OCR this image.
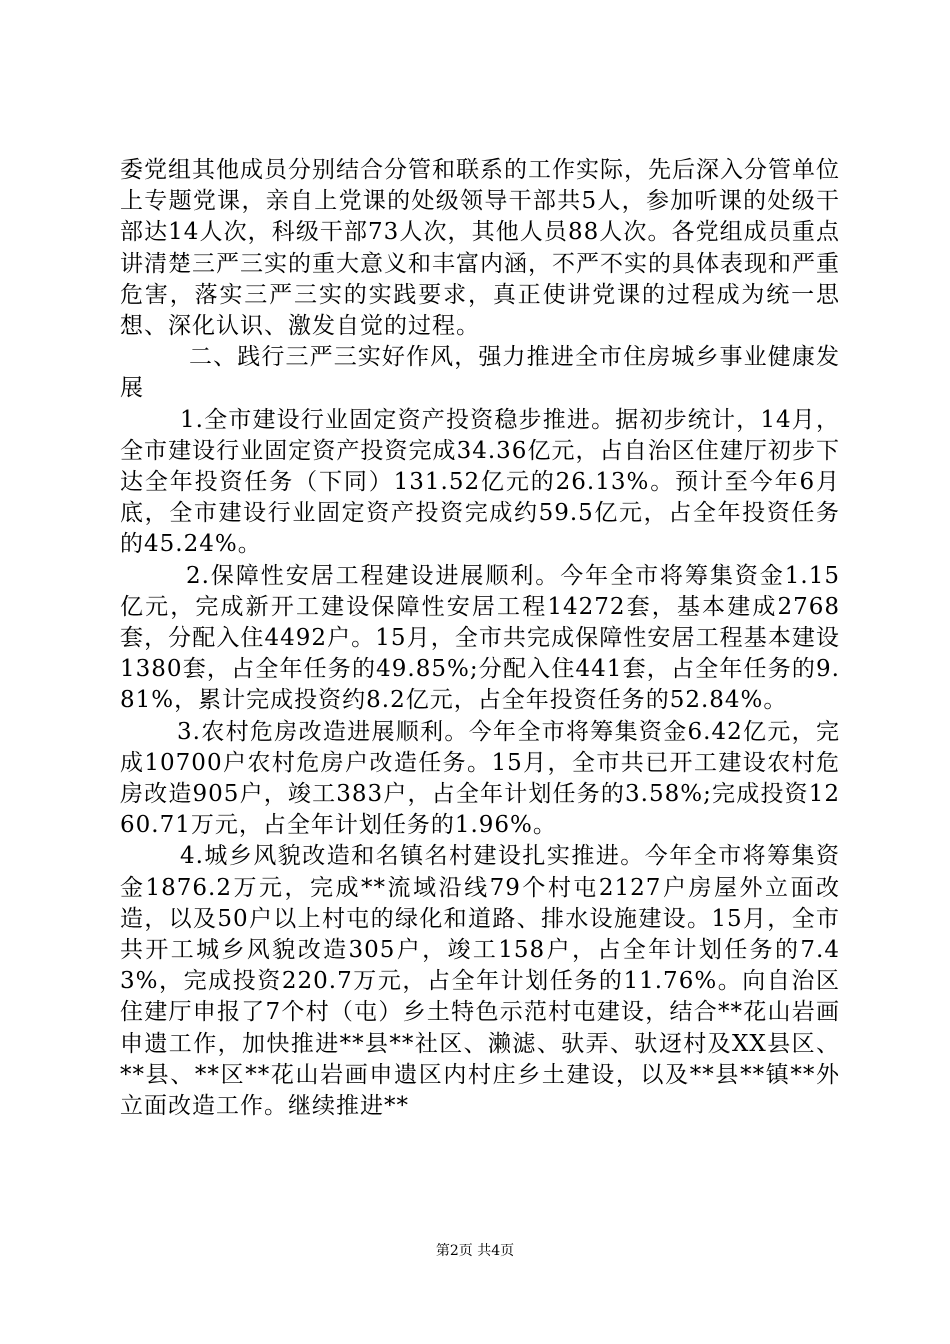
委党组其他成员分别结合分管和联系的工作实际，先后深入分管单位上专题党课，亲自上党课的处级领导干部共5人，参加听课的处级干部达14人次，科级干部73人次，其他人员88人次。各党组成员重点讲清楚三严三实的重大意义和丰富内涵，不严不实的具体表现和严重危害，落实三严三实的实践要求，真正使讲党课的过程成为统一思想、深化认识、激发自觉的过程。

二、践行三严三实好作风，强力推进全市住房城乡事业健康发展

1.全市建设行业固定资产投资稳步推进。据初步统计，14月，全市建设行业固定资产投资完成34.36亿元，占自治区住建厅初步下达全年投资任务（下同）131.52亿元的26.13%。预计至今年6月底，全市建设行业固定资产投资完成约59.5亿元，占全年投资任务的45.24%。

2.保障性安居工程建设进展顺利。今年全市将筹集资金1.15亿元，完成新开工建设保障性安居工程14272套，基本建成2768套，分配入住4492户。15月，全市共完成保障性安居工程基本建设1380套，占全年任务的49.85%;分配入住441套，占全年任务的9.81%，累计完成投资约8.2亿元，占全年投资任务的52.84%。

3.农村危房改造进展顺利。今年全市将筹集资金6.42亿元，完成10700户农村危房户改造任务。15月，全市共已开工建设农村危房改造905户，竣工383户，占全年计划任务的3.58%;完成投资1260.71万元，占全年计划任务的1.96%。

4.城乡风貌改造和名镇名村建设扎实推进。今年全市将筹集资金1876.2万元，完成**流域沿线79个村屯2127户房屋外立面改造，以及50户以上村屯的绿化和道路、排水设施建设。15月，全市共开工城乡风貌改造305户，竣工158户，占全年计划任务的7.43%，完成投资220.7万元，占全年计划任务的11.76%。向自治区住建厅申报了7个村（屯）乡土特色示范村屯建设，结合**花山岩画申遗工作，加快推进**县**社区、濑滤、驮弄、驮迓村及XX县区、**县、**区**花山岩画申遗区内村庄乡土建设，以及**县**镇**外立面改造工作。继续推进**

第2页 共4页
